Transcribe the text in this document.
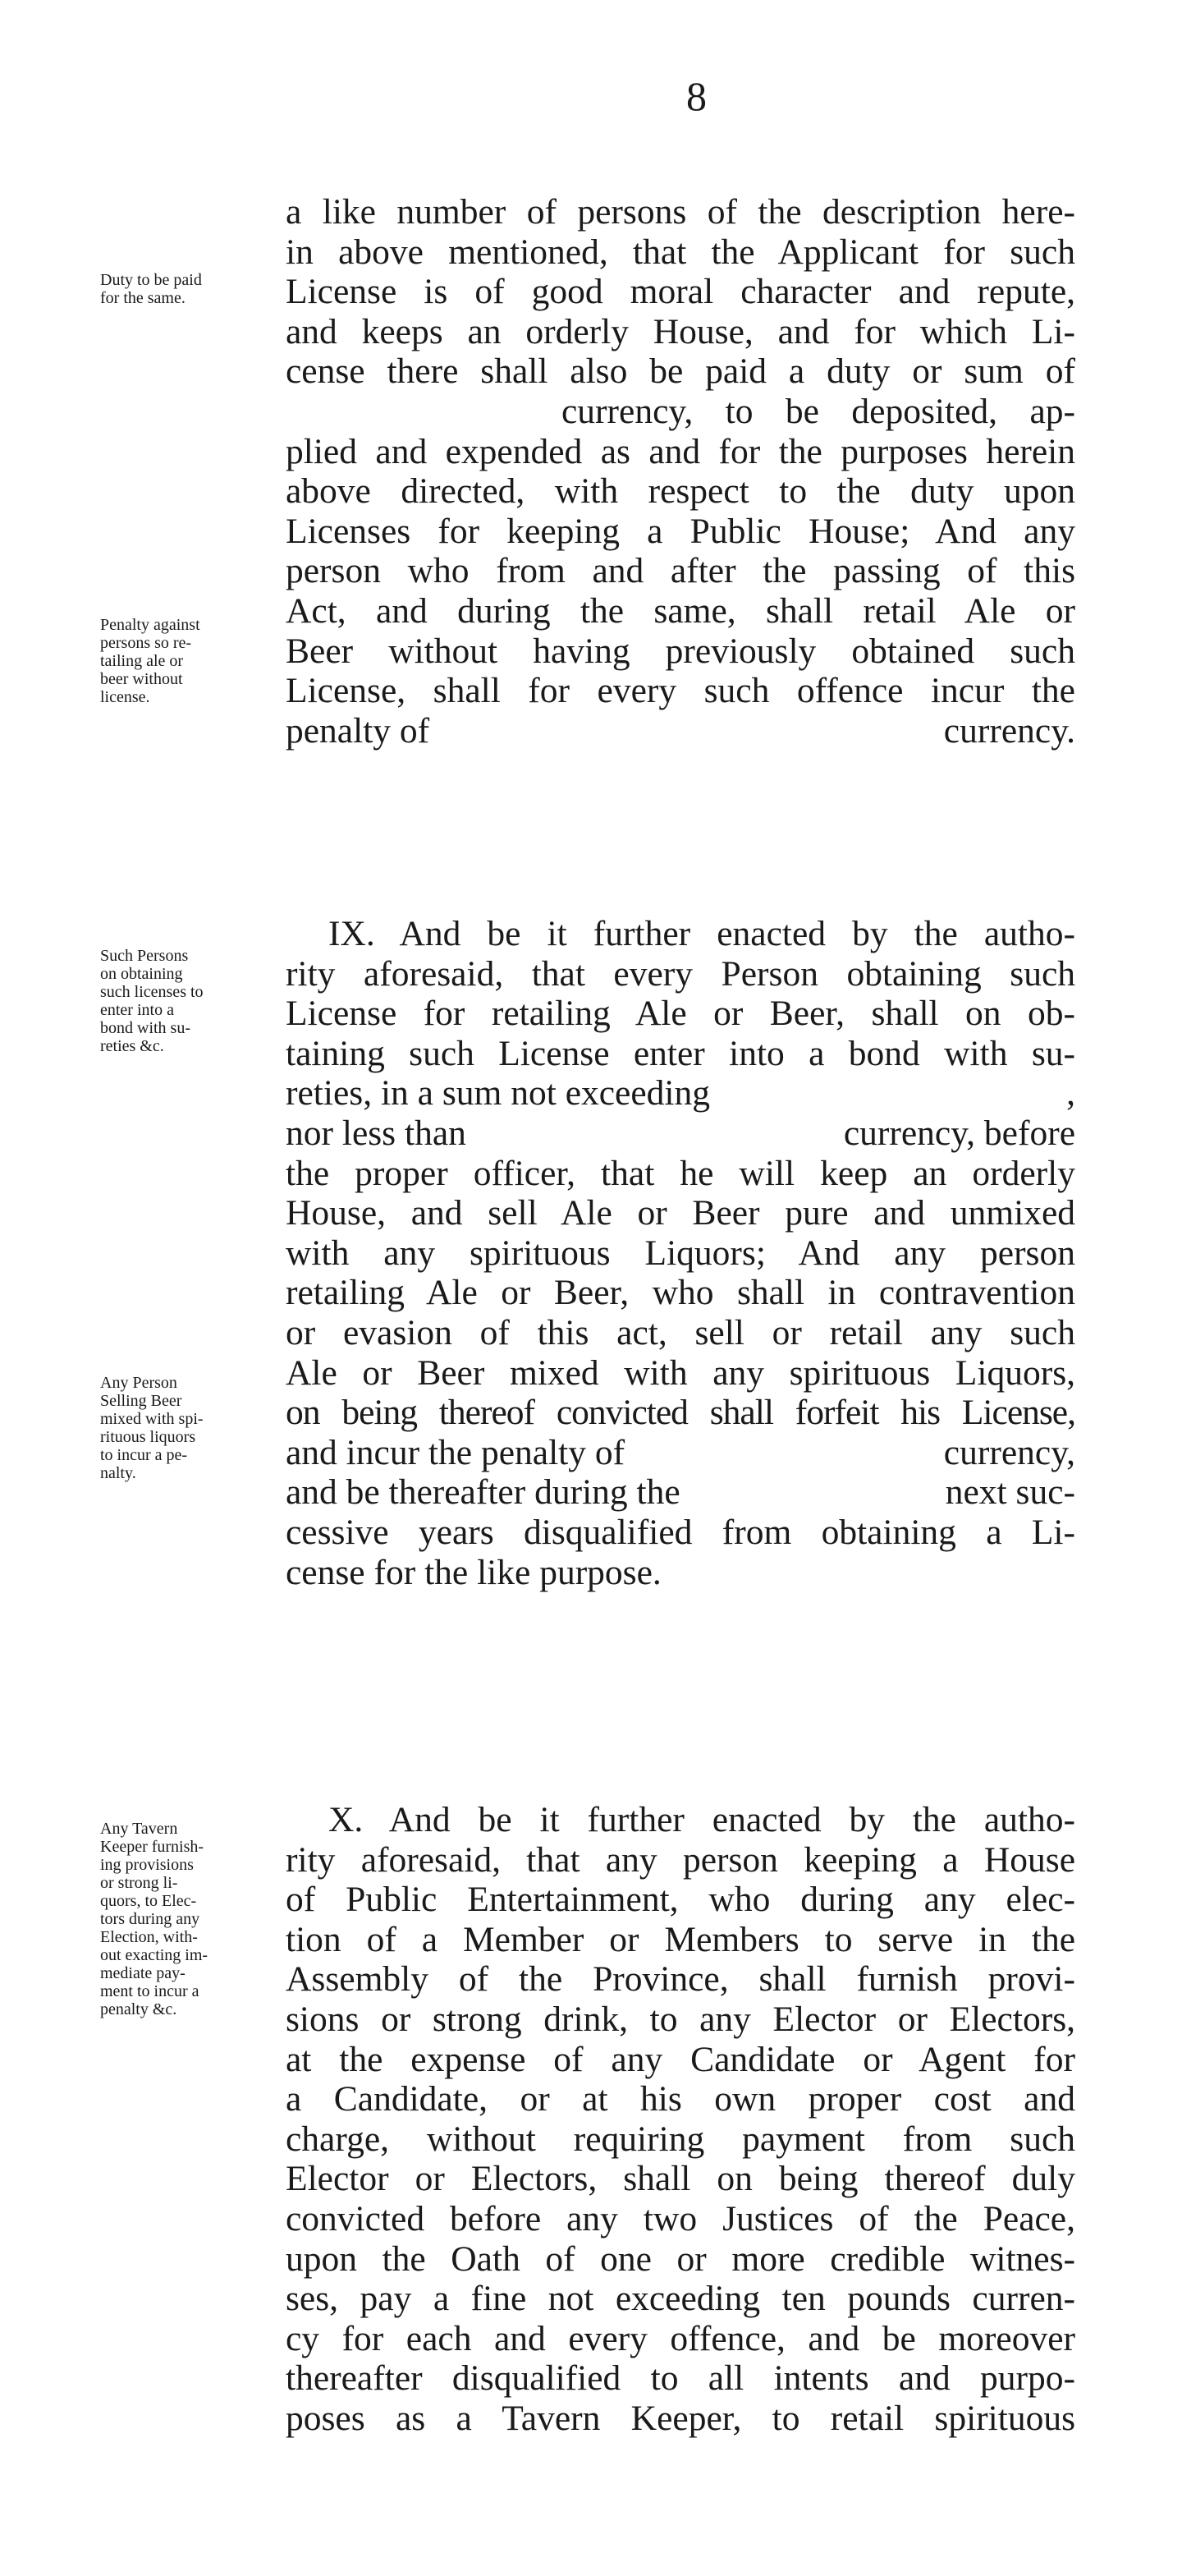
8
Duty to be paid
for the same.
Penalty against
persons so re-
tailing ale or
beer without
license.
a like number of persons of the description here-
in above mentioned, that the Applicant for such
License is of good moral character and repute,
and keeps an orderly House, and for which Li-
cense there shall also be paid a duty or sum of
currency, to be deposited, ap-
plied and expended as and for the purposes herein
above directed, with respect to the duty upon
Licenses for keeping a Public House; And any
person who from and after the passing of this
Act, and during the same, shall retail Ale or
Beer without having previously obtained such
License, shall for every such offence incur the
penalty of	currency.
Such Persons
on obtaining
such licenses to
enter into a
bond with su-
reties &c.
Any Person
Selling Beer
mixed with spi-
rituous liquors
to incur a pe-
nalty.
IX. And be it further enacted by the autho-
rity aforesaid, that every Person obtaining such
License for retailing Ale or Beer, shall on ob-
taining such License enter into a bond with su-
reties, in a sum not exceeding	,
nor less than	currency, before
the proper officer, that he will keep an orderly
House, and sell Ale or Beer pure and unmixed
with any spirituous Liquors; And any person
retailing Ale or Beer, who shall in contravention
or evasion of this act, sell or retail any such
Ale or Beer mixed with any spirituous Liquors,
on being thereof convicted shall forfeit his License,
and incur the penalty of	currency,
and be thereafter during the	next suc-
cessive years disqualified from obtaining a Li-
cense for the like purpose.
Any Tavern
Keeper furnish-
ing provisions
or strong li-
quors, to Elec-
tors during any
Election, with-
out exacting im-
mediate pay-
ment to incur a
penalty &c.
X. And be it further enacted by the autho-
rity aforesaid, that any person keeping a House
of Public Entertainment, who during any elec-
tion of a Member or Members to serve in the
Assembly of the Province, shall furnish provi-
sions or strong drink, to any Elector or Electors,
at the expense of any Candidate or Agent for
a Candidate, or at his own proper cost and
charge, without requiring payment from such
Elector or Electors, shall on being thereof duly
convicted before any two Justices of the Peace,
upon the Oath of one or more credible witnes-
ses, pay a fine not exceeding ten pounds curren-
cy for each and every offence, and be moreover
thereafter disqualified to all intents and purpo-
poses as a Tavern Keeper, to retail spirituous
